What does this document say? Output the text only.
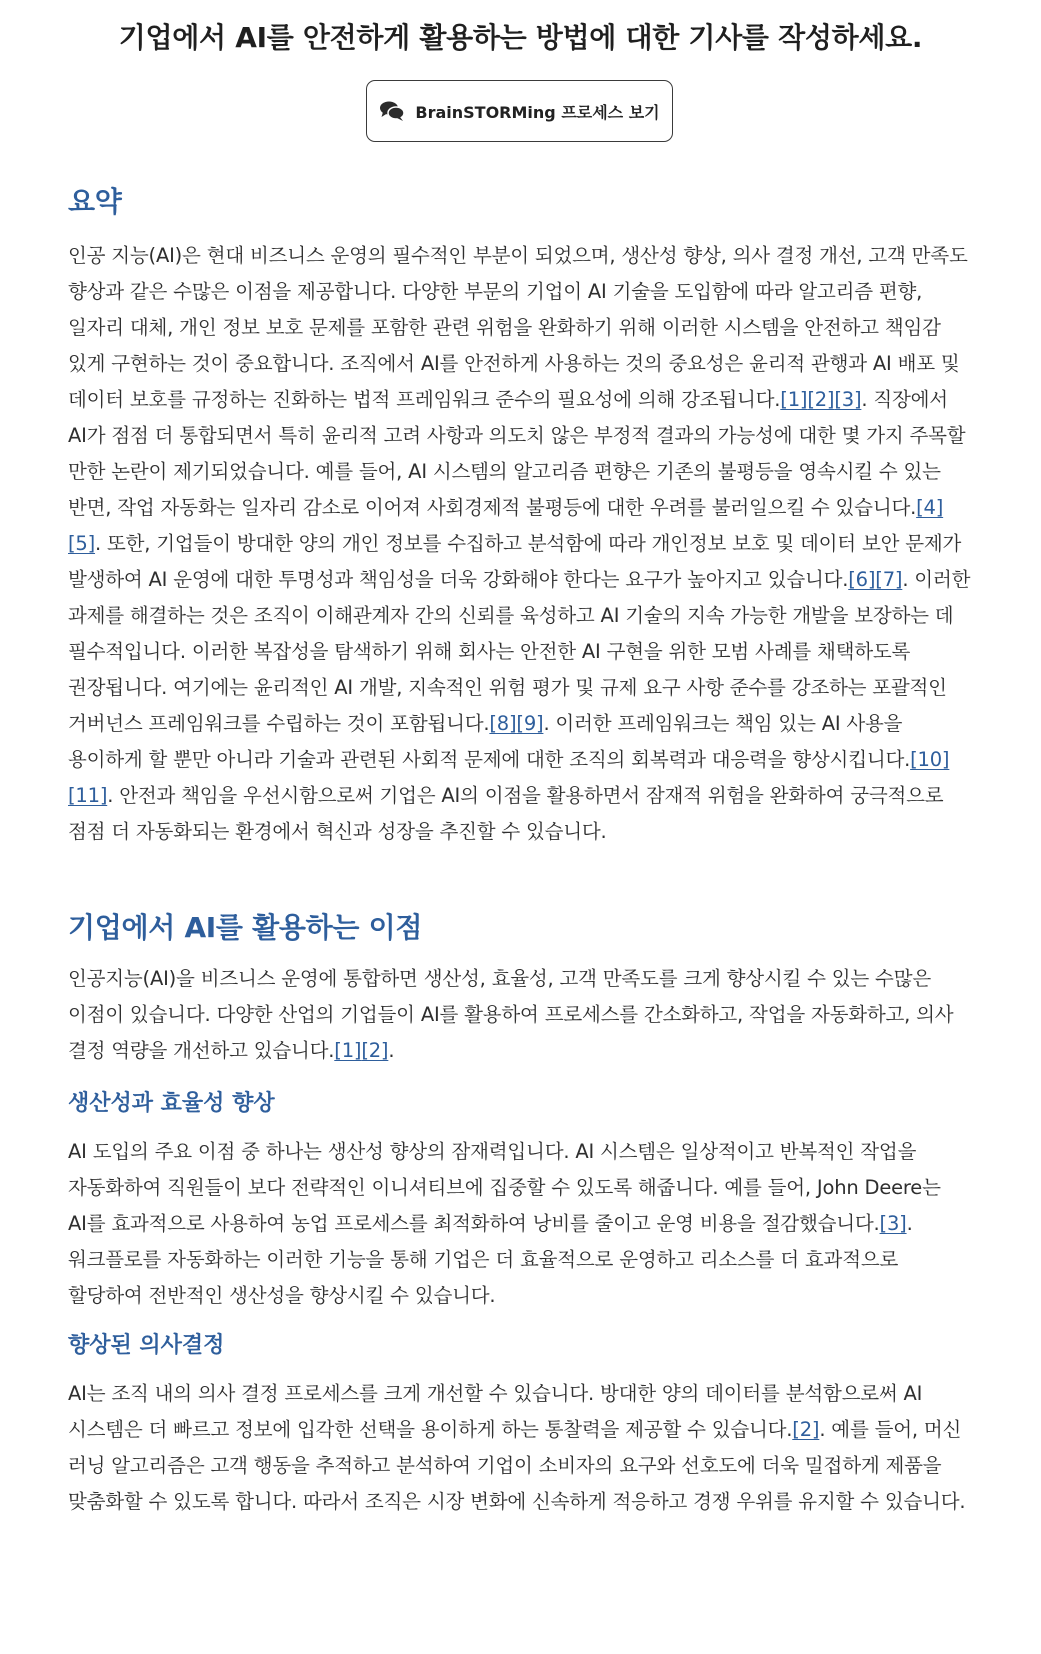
기업에서 AI를 안전하게 활용하는 방법에 대한 기사를 작성하세요.
BrainSTORMing 프로세스 보기
요약

인공 지능(AI)은 현대 비즈니스 운영의 필수적인 부분이 되었으며, 생산성 향상, 의사 결정 개선, 고객 만족도 향상과 같은 수많은 이점을 제공합니다. 다양한 부문의 기업이 AI 기술을 도입함에 따라 알고리즘 편향, 일자리 대체, 개인 정보 보호 문제를 포함한 관련 위험을 완화하기 위해 이러한 시스템을 안전하고 책임감 있게 구현하는 것이 중요합니다. 조직에서 AI를 안전하게 사용하는 것의 중요성은 윤리적 관행과 AI 배포 및 데이터 보호를 규정하는 진화하는 법적 프레임워크 준수의 필요성에 의해 강조됩니다.[1][2][3]. 직장에서 AI가 점점 더 통합되면서 특히 윤리적 고려 사항과 의도치 않은 부정적 결과의 가능성에 대한 몇 가지 주목할 만한 논란이 제기되었습니다. 예를 들어, AI 시스템의 알고리즘 편향은 기존의 불평등을 영속시킬 수 있는 반면, 작업 자동화는 일자리 감소로 이어져 사회경제적 불평등에 대한 우려를 불러일으킬 수 있습니다.[4][5]. 또한, 기업들이 방대한 양의 개인 정보를 수집하고 분석함에 따라 개인정보 보호 및 데이터 보안 문제가 발생하여 AI 운영에 대한 투명성과 책임성을 더욱 강화해야 한다는 요구가 높아지고 있습니다.[6][7]. 이러한 과제를 해결하는 것은 조직이 이해관계자 간의 신뢰를 육성하고 AI 기술의 지속 가능한 개발을 보장하는 데 필수적입니다. 이러한 복잡성을 탐색하기 위해 회사는 안전한 AI 구현을 위한 모범 사례를 채택하도록 권장됩니다. 여기에는 윤리적인 AI 개발, 지속적인 위험 평가 및 규제 요구 사항 준수를 강조하는 포괄적인 거버넌스 프레임워크를 수립하는 것이 포함됩니다.[8][9]. 이러한 프레임워크는 책임 있는 AI 사용을 용이하게 할 뿐만 아니라 기술과 관련된 사회적 문제에 대한 조직의 회복력과 대응력을 향상시킵니다.[10][11]. 안전과 책임을 우선시함으로써 기업은 AI의 이점을 활용하면서 잠재적 위험을 완화하여 궁극적으로 점점 더 자동화되는 환경에서 혁신과 성장을 추진할 수 있습니다.

기업에서 AI를 활용하는 이점

인공지능(AI)을 비즈니스 운영에 통합하면 생산성, 효율성, 고객 만족도를 크게 향상시킬 수 있는 수많은 이점이 있습니다. 다양한 산업의 기업들이 AI를 활용하여 프로세스를 간소화하고, 작업을 자동화하고, 의사 결정 역량을 개선하고 있습니다.[1][2].

생산성과 효율성 향상

AI 도입의 주요 이점 중 하나는 생산성 향상의 잠재력입니다. AI 시스템은 일상적이고 반복적인 작업을 자동화하여 직원들이 보다 전략적인 이니셔티브에 집중할 수 있도록 해줍니다. 예를 들어, John Deere는 AI를 효과적으로 사용하여 농업 프로세스를 최적화하여 낭비를 줄이고 운영 비용을 절감했습니다.[3]. 워크플로를 자동화하는 이러한 기능을 통해 기업은 더 효율적으로 운영하고 리소스를 더 효과적으로 할당하여 전반적인 생산성을 향상시킬 수 있습니다.

향상된 의사결정

AI는 조직 내의 의사 결정 프로세스를 크게 개선할 수 있습니다. 방대한 양의 데이터를 분석함으로써 AI 시스템은 더 빠르고 정보에 입각한 선택을 용이하게 하는 통찰력을 제공할 수 있습니다.[2]. 예를 들어, 머신 러닝 알고리즘은 고객 행동을 추적하고 분석하여 기업이 소비자의 요구와 선호도에 더욱 밀접하게 제품을 맞춤화할 수 있도록 합니다. 따라서 조직은 시장 변화에 신속하게 적응하고 경쟁 우위를 유지할 수 있습니다.
